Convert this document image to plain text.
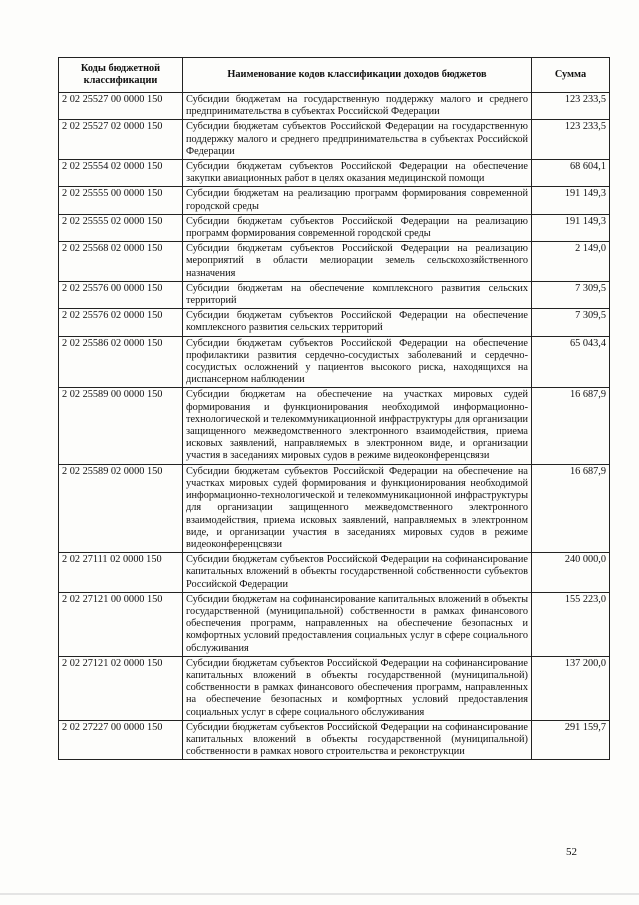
Коды бюджетной классификации	Наименование кодов классификации доходов бюджетов	Сумма
2 02 25527 00 0000 150	Субсидии бюджетам на государственную поддержку малого и среднего предпринимательства в субъектах Российской Федерации	123 233,5
2 02 25527 02 0000 150	Субсидии бюджетам субъектов Российской Федерации на государственную поддержку малого и среднего предпринимательства в субъектах Российской Федерации	123 233,5
2 02 25554 02 0000 150	Субсидии бюджетам субъектов Российской Федерации на обеспечение закупки авиационных работ в целях оказания медицинской помощи	68 604,1
2 02 25555 00 0000 150	Субсидии бюджетам на реализацию программ формирования современной городской среды	191 149,3
2 02 25555 02 0000 150	Субсидии бюджетам субъектов Российской Федерации на реализацию программ формирования современной городской среды	191 149,3
2 02 25568 02 0000 150	Субсидии бюджетам субъектов Российской Федерации на реализацию мероприятий в области мелиорации земель сельскохозяйственного назначения	2 149,0
2 02 25576 00 0000 150	Субсидии бюджетам на обеспечение комплексного развития сельских территорий	7 309,5
2 02 25576 02 0000 150	Субсидии бюджетам субъектов Российской Федерации на обеспечение комплексного развития сельских территорий	7 309,5
2 02 25586 02 0000 150	Субсидии бюджетам субъектов Российской Федерации на обеспечение профилактики развития сердечно-сосудистых заболеваний и сердечно-сосудистых осложнений у пациентов высокого риска, находящихся на диспансерном наблюдении	65 043,4
2 02 25589 00 0000 150	Субсидии бюджетам на обеспечение на участках мировых судей формирования и функционирования необходимой информационно-технологической и телекоммуникационной инфраструктуры для организации защищенного межведомственного электронного взаимодействия, приема исковых заявлений, направляемых в электронном виде, и организации участия в заседаниях мировых судов в режиме видеоконференцсвязи	16 687,9
2 02 25589 02 0000 150	Субсидии бюджетам субъектов Российской Федерации на обеспечение на участках мировых судей формирования и функционирования необходимой информационно-технологической и телекоммуникационной инфраструктуры для организации защищенного межведомственного электронного взаимодействия, приема исковых заявлений, направляемых в электронном виде, и организации участия в заседаниях мировых судов в режиме видеоконференцсвязи	16 687,9
2 02 27111 02 0000 150	Субсидии бюджетам субъектов Российской Федерации на софинансирование капитальных вложений в объекты государственной собственности субъектов Российской Федерации	240 000,0
2 02 27121 00 0000 150	Субсидии бюджетам на софинансирование капитальных вложений в объекты государственной (муниципальной) собственности в рамках финансового обеспечения программ, направленных на обеспечение безопасных и комфортных условий предоставления социальных услуг в сфере социального обслуживания	155 223,0
2 02 27121 02 0000 150	Субсидии бюджетам субъектов Российской Федерации на софинансирование капитальных вложений в объекты государственной (муниципальной) собственности в рамках финансового обеспечения программ, направленных на обеспечение безопасных и комфортных условий предоставления социальных услуг в сфере социального обслуживания	137 200,0
2 02 27227 00 0000 150	Субсидии бюджетам субъектов Российской Федерации на софинансирование капитальных вложений в объекты государственной (муниципальной) собственности в рамках нового строительства и реконструкции	291 159,7
52
